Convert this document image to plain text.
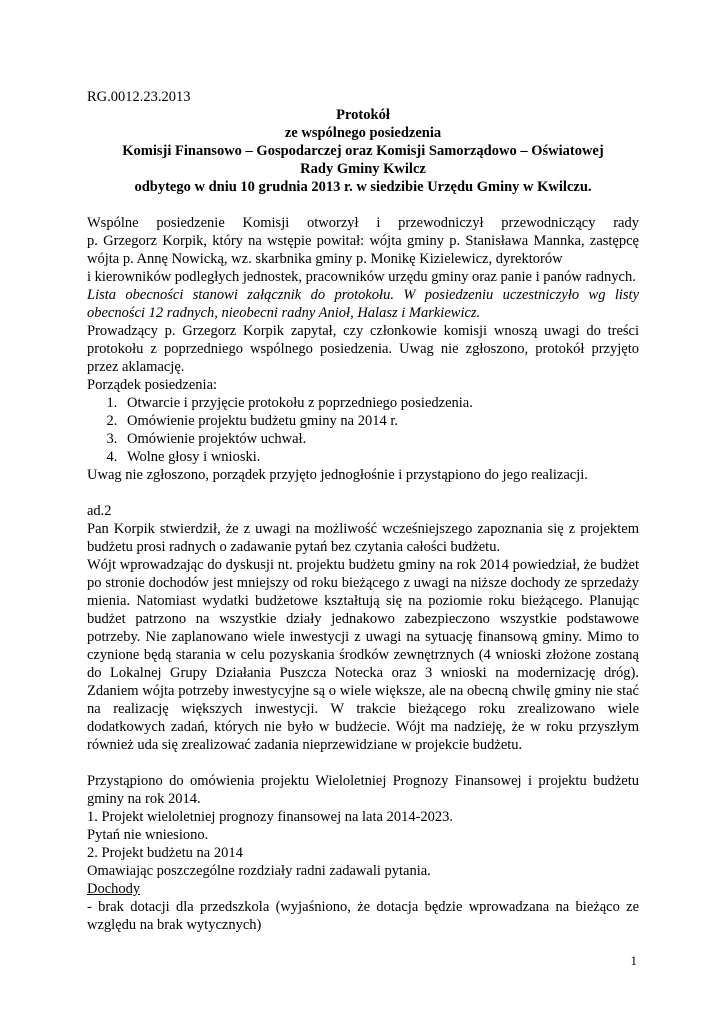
RG.0012.23.2013

Protokół
ze wspólnego posiedzenia
Komisji Finansowo – Gospodarczej oraz Komisji Samorządowo – Oświatowej
Rady Gminy Kwilcz
odbytego w dniu 10 grudnia 2013 r. w siedzibie Urzędu Gminy w Kwilczu.

Wspólne posiedzenie Komisji otworzył i przewodniczył przewodniczący rady

p. Grzegorz Korpik, który na wstępie powitał: wójta gminy p. Stanisława Mannka, zastępcę

wójta p. Annę Nowicką, wz. skarbnika gminy p. Monikę Kizielewicz, dyrektorów

i kierowników podległych jednostek, pracowników urzędu gminy oraz panie i panów radnych.

Lista obecności stanowi załącznik do protokołu. W posiedzeniu uczestniczyło wg listy obecności 12 radnych, nieobecni radny Anioł, Halasz i Markiewicz.

Prowadzący p. Grzegorz Korpik zapytał, czy członkowie komisji wnoszą uwagi do treści protokołu z poprzedniego wspólnego posiedzenia. Uwag nie zgłoszono, protokół przyjęto przez aklamację.

Porządek posiedzenia:

1. Otwarcie i przyjęcie protokołu z poprzedniego posiedzenia.
2. Omówienie projektu budżetu gminy na 2014 r.
3. Omówienie projektów uchwał.
4. Wolne głosy i wnioski.

Uwag nie zgłoszono, porządek przyjęto jednogłośnie i przystąpiono do jego realizacji.

ad.2

Pan Korpik stwierdził, że z uwagi na możliwość wcześniejszego zapoznania się z projektem budżetu prosi radnych o zadawanie pytań bez czytania całości budżetu.

Wójt wprowadzając do dyskusji nt. projektu budżetu gminy na rok 2014 powiedział, że budżet po stronie dochodów jest mniejszy od roku bieżącego z uwagi na niższe dochody ze sprzedaży mienia. Natomiast wydatki budżetowe kształtują się na poziomie roku bieżącego. Planując budżet patrzono na wszystkie działy jednakowo zabezpieczono wszystkie podstawowe potrzeby. Nie zaplanowano wiele inwestycji z uwagi na sytuację finansową gminy. Mimo to czynione będą starania w celu pozyskania środków zewnętrznych (4 wnioski złożone zostaną do Lokalnej Grupy Działania Puszcza Notecka oraz 3 wnioski na modernizację dróg). Zdaniem wójta potrzeby inwestycyjne są o wiele większe, ale na obecną chwilę gminy nie stać na realizację większych inwestycji. W trakcie bieżącego roku zrealizowano wiele dodatkowych zadań, których nie było w budżecie. Wójt ma nadzieję, że w roku przyszłym również uda się zrealizować zadania nieprzewidziane w projekcie budżetu.

Przystąpiono do omówienia projektu Wieloletniej Prognozy Finansowej i projektu budżetu gminy na rok 2014.

1. Projekt wieloletniej prognozy finansowej na lata 2014-2023.

Pytań nie wniesiono.

2. Projekt budżetu na 2014

Omawiając poszczególne rozdziały radni zadawali pytania.

Dochody

- brak dotacji dla przedszkola (wyjaśniono, że dotacja będzie wprowadzana na bieżąco ze względu na brak wytycznych)

1
